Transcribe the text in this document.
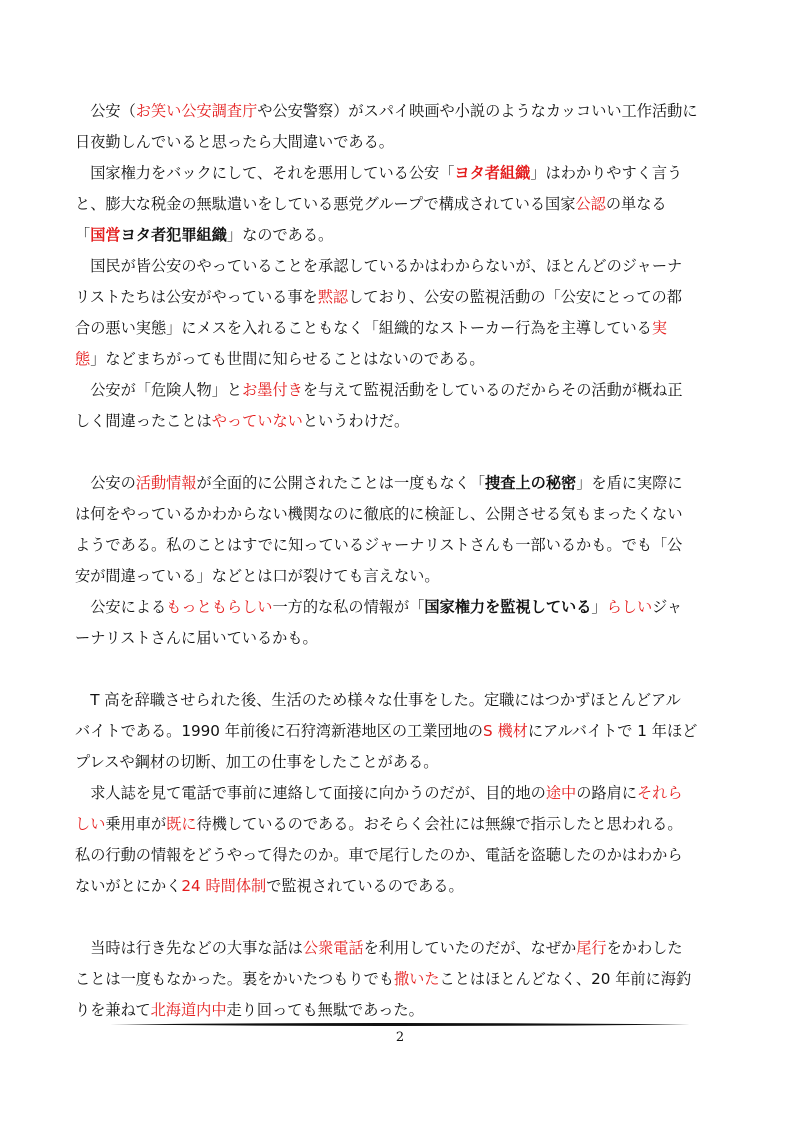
　公安（お笑い公安調査庁や公安警察）がスパイ映画や小説のようなカッコいい工作活動に
日夜勤しんでいると思ったら大間違いである。
　国家権力をバックにして、それを悪用している公安「ヨタ者組織」はわかりやすく言う
と、膨大な税金の無駄遣いをしている悪党グループで構成されている国家公認の単なる
「国営ヨタ者犯罪組織」なのである。
　国民が皆公安のやっていることを承認しているかはわからないが、ほとんどのジャーナ
リストたちは公安がやっている事を黙認しており、公安の監視活動の「公安にとっての都
合の悪い実態」にメスを入れることもなく「組織的なストーカー行為を主導している実
態」などまちがっても世間に知らせることはないのである。
　公安が「危険人物」とお墨付きを与えて監視活動をしているのだからその活動が概ね正
しく間違ったことはやっていないというわけだ。
　公安の活動情報が全面的に公開されたことは一度もなく「捜査上の秘密」を盾に実際に
は何をやっているかわからない機関なのに徹底的に検証し、公開させる気もまったくない
ようである。私のことはすでに知っているジャーナリストさんも一部いるかも。でも「公
安が間違っている」などとは口が裂けても言えない。
　公安によるもっともらしい一方的な私の情報が「国家権力を監視している」らしいジャ
ーナリストさんに届いているかも。
　T 高を辞職させられた後、生活のため様々な仕事をした。定職にはつかずほとんどアル
バイトである。1990 年前後に石狩湾新港地区の工業団地のS 機材にアルバイトで 1 年ほど
プレスや鋼材の切断、加工の仕事をしたことがある。
　求人誌を見て電話で事前に連絡して面接に向かうのだが、目的地の途中の路肩にそれら
しい乗用車が既に待機しているのである。おそらく会社には無線で指示したと思われる。
私の行動の情報をどうやって得たのか。車で尾行したのか、電話を盗聴したのかはわから
ないがとにかく24 時間体制で監視されているのである。
　当時は行き先などの大事な話は公衆電話を利用していたのだが、なぜか尾行をかわした
ことは一度もなかった。裏をかいたつもりでも撒いたことはほとんどなく、20 年前に海釣
りを兼ねて北海道内中走り回っても無駄であった。
2
